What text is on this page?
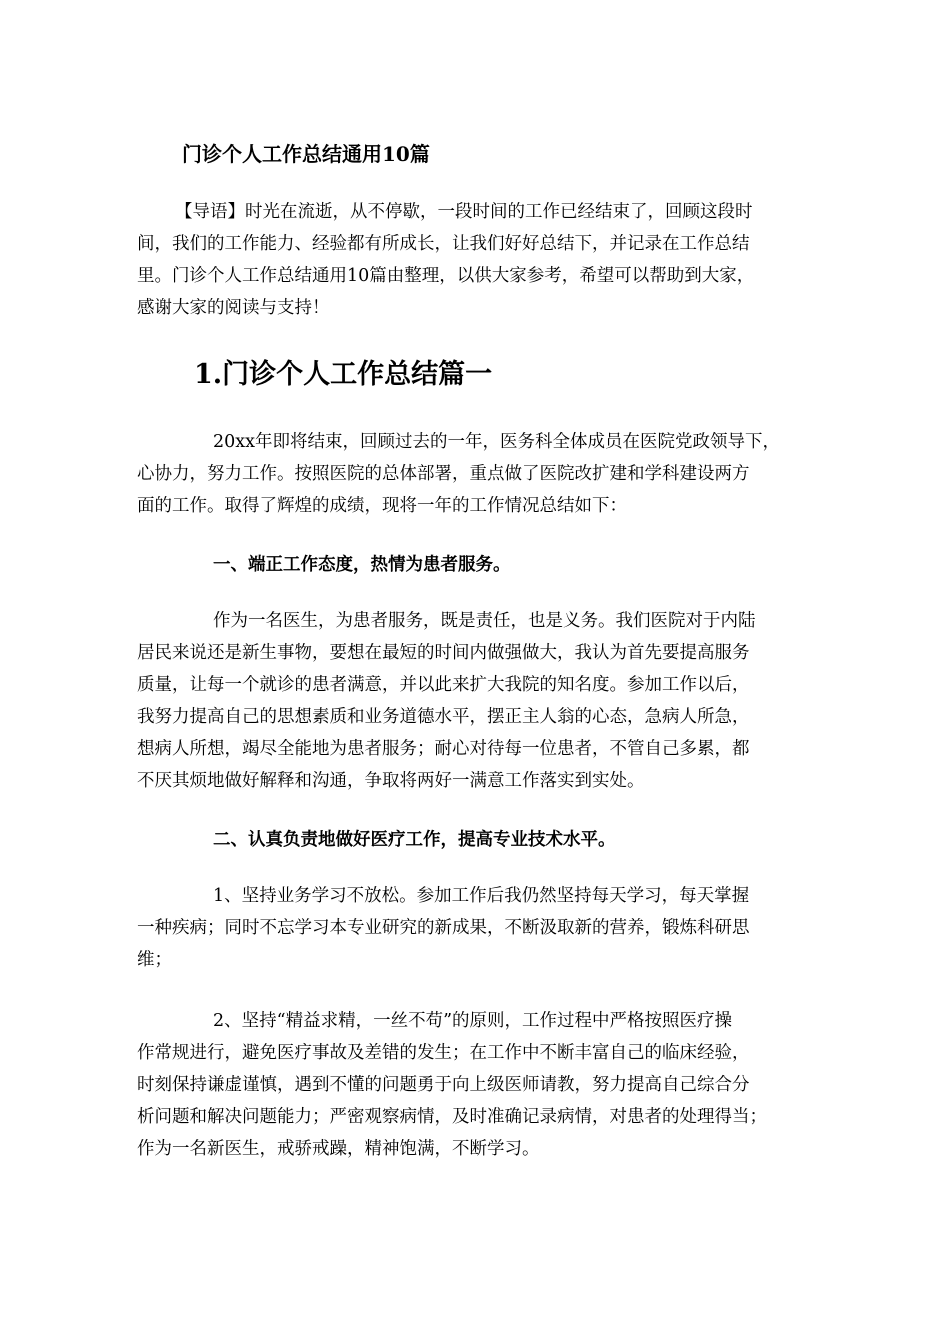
门诊个人工作总结通用10篇
【导语】时光在流逝，从不停歇，一段时间的工作已经结束了，回顾这段时
间，我们的工作能力、经验都有所成长，让我们好好总结下，并记录在工作总结
里。门诊个人工作总结通用10篇由整理，以供大家参考，希望可以帮助到大家，
感谢大家的阅读与支持！
1.门诊个人工作总结篇一
20xx年即将结束，回顾过去的一年，医务科全体成员在医院党政领导下，
心协力，努力工作。按照医院的总体部署，重点做了医院改扩建和学科建设两方
面的工作。取得了辉煌的成绩，现将一年的工作情况总结如下：
一、端正工作态度，热情为患者服务。
作为一名医生，为患者服务，既是责任，也是义务。我们医院对于内陆
居民来说还是新生事物，要想在最短的时间内做强做大，我认为首先要提高服务
质量，让每一个就诊的患者满意，并以此来扩大我院的知名度。参加工作以后，
我努力提高自己的思想素质和业务道德水平，摆正主人翁的心态，急病人所急，
想病人所想，竭尽全能地为患者服务；耐心对待每一位患者，不管自己多累，都
不厌其烦地做好解释和沟通，争取将两好一满意工作落实到实处。
二、认真负责地做好医疗工作，提高专业技术水平。
1、坚持业务学习不放松。参加工作后我仍然坚持每天学习，每天掌握
一种疾病；同时不忘学习本专业研究的新成果，不断汲取新的营养，锻炼科研思
维；
2、坚持“精益求精，一丝不苟”的原则，工作过程中严格按照医疗操
作常规进行，避免医疗事故及差错的发生；在工作中不断丰富自己的临床经验，
时刻保持谦虚谨慎，遇到不懂的问题勇于向上级医师请教，努力提高自己综合分
析问题和解决问题能力；严密观察病情，及时准确记录病情，对患者的处理得当；
作为一名新医生，戒骄戒躁，精神饱满，不断学习。
